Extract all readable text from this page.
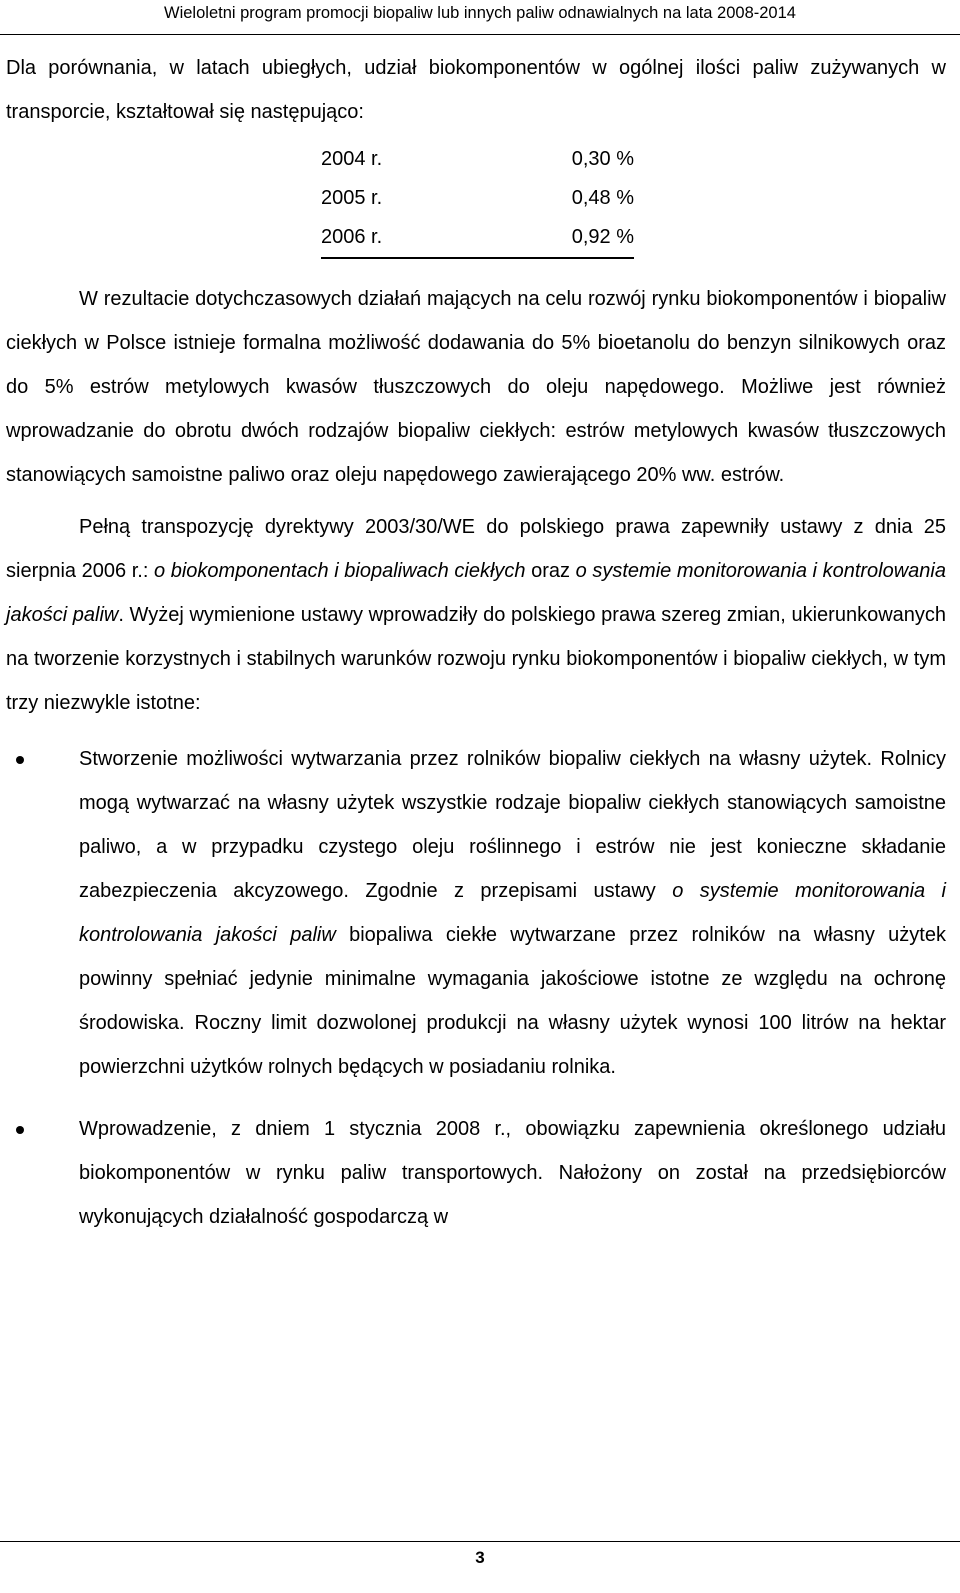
Wieloletni program promocji biopaliw lub innych paliw odnawialnych na lata 2008-2014

Dla porównania, w latach ubiegłych, udział biokomponentów w ogólnej ilości paliw zużywanych w transporcie, kształtował się następująco:

2004 r.	0,30 %
2005 r.	0,48 %
2006 r.	0,92 %

W rezultacie dotychczasowych działań mających na celu rozwój rynku biokomponentów i biopaliw ciekłych w Polsce istnieje formalna możliwość dodawania do 5% bioetanolu do benzyn silnikowych oraz do 5% estrów metylowych kwasów tłuszczowych do oleju napędowego. Możliwe jest również wprowadzanie do obrotu dwóch rodzajów biopaliw ciekłych: estrów metylowych kwasów tłuszczowych stanowiących samoistne paliwo oraz oleju napędowego zawierającego 20% ww. estrów.

Pełną transpozycję dyrektywy 2003/30/WE do polskiego prawa zapewniły ustawy z dnia 25 sierpnia 2006 r.: o biokomponentach i biopaliwach ciekłych oraz o systemie monitorowania i kontrolowania jakości paliw. Wyżej wymienione ustawy wprowadziły do polskiego prawa szereg zmian, ukierunkowanych na tworzenie korzystnych i stabilnych warunków rozwoju rynku biokomponentów i biopaliw ciekłych, w tym trzy niezwykle istotne:

Stworzenie możliwości wytwarzania przez rolników biopaliw ciekłych na własny użytek. Rolnicy mogą wytwarzać na własny użytek wszystkie rodzaje biopaliw ciekłych stanowiących samoistne paliwo, a w przypadku czystego oleju roślinnego i estrów nie jest konieczne składanie zabezpieczenia akcyzowego. Zgodnie z przepisami ustawy o systemie monitorowania i kontrolowania jakości paliw biopaliwa ciekłe wytwarzane przez rolników na własny użytek powinny spełniać jedynie minimalne wymagania jakościowe istotne ze względu na ochronę środowiska. Roczny limit dozwolonej produkcji na własny użytek wynosi 100 litrów na hektar powierzchni użytków rolnych będących w posiadaniu rolnika.

Wprowadzenie, z dniem 1 stycznia 2008 r., obowiązku zapewnienia określonego udziału biokomponentów w rynku paliw transportowych. Nałożony on został na przedsiębiorców wykonujących działalność gospodarczą w

3
